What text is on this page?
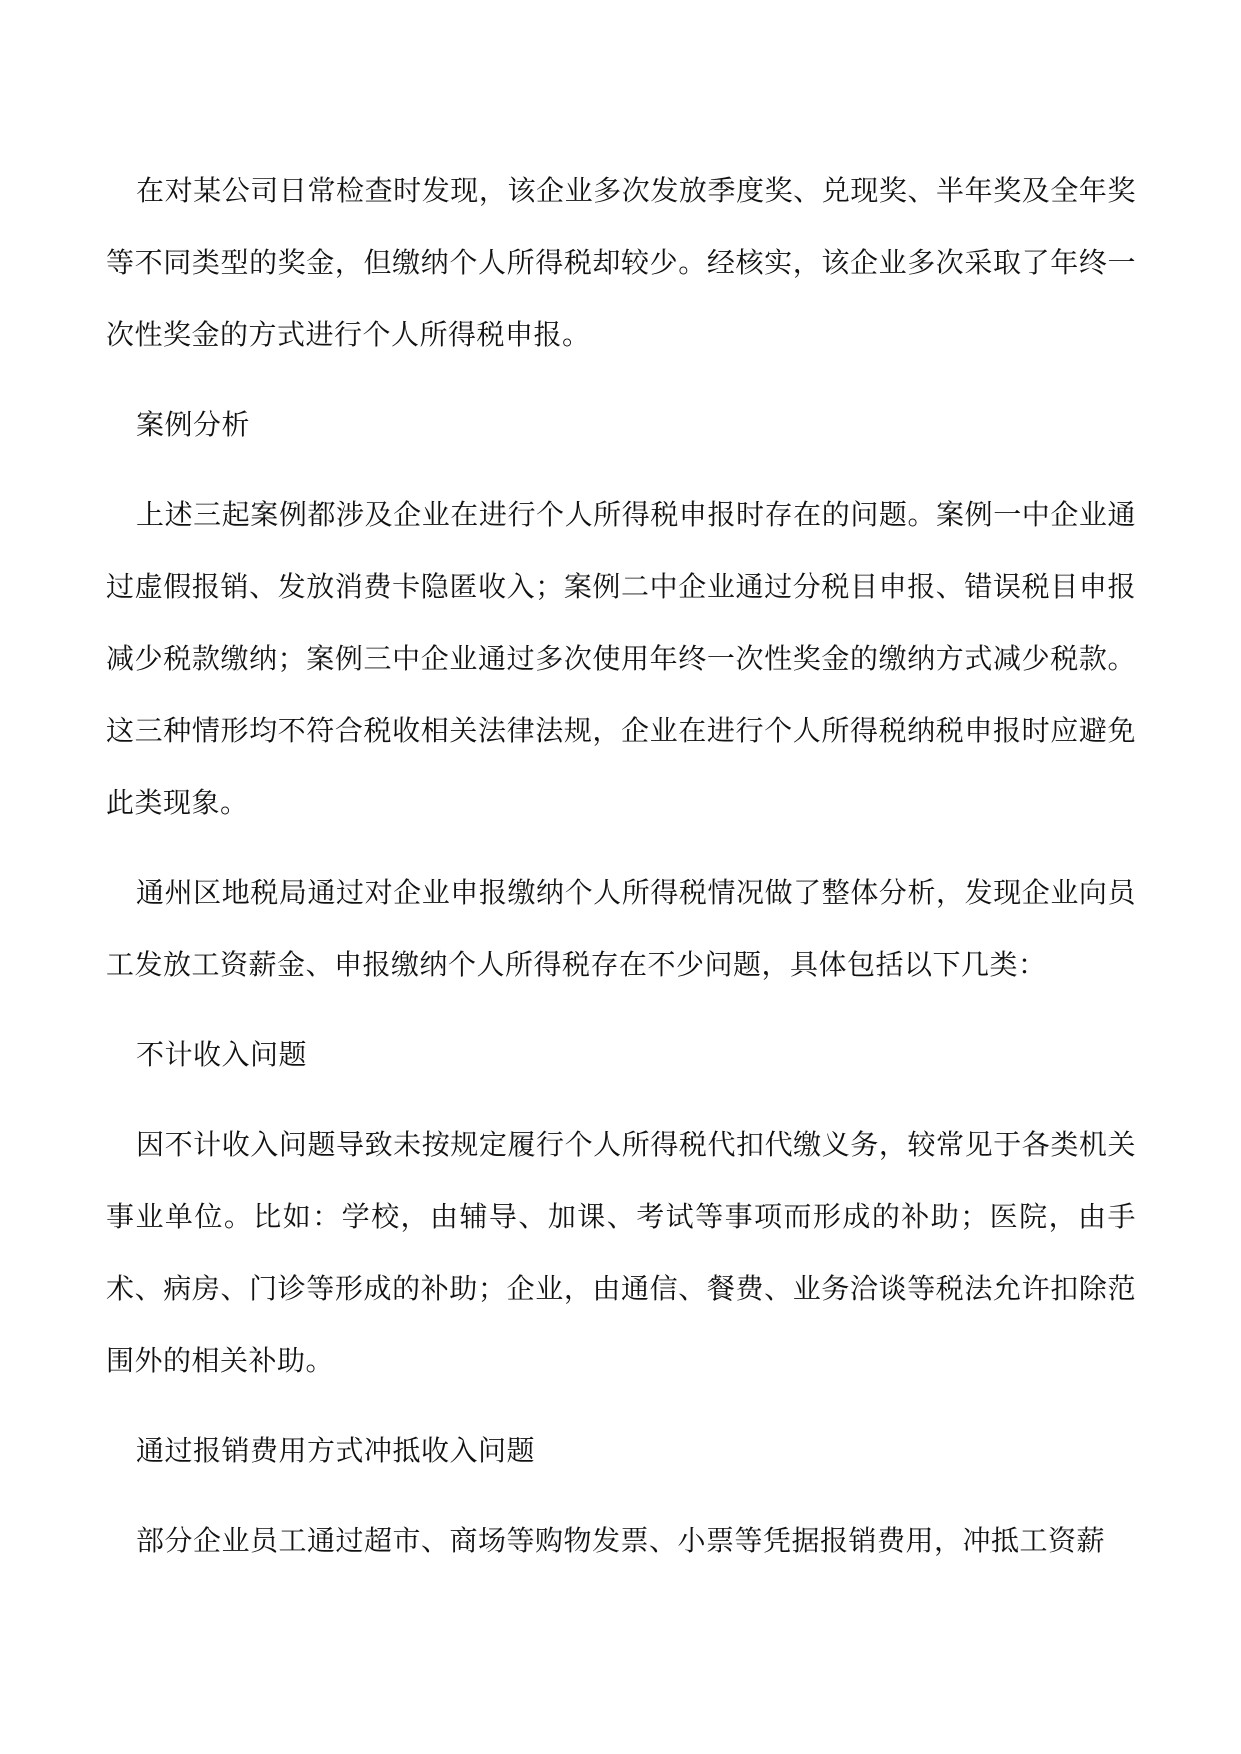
在对某公司日常检查时发现，该企业多次发放季度奖、兑现奖、半年奖及全年奖等不同类型的奖金，但缴纳个人所得税却较少。经核实，该企业多次采取了年终一次性奖金的方式进行个人所得税申报。

案例分析

上述三起案例都涉及企业在进行个人所得税申报时存在的问题。案例一中企业通过虚假报销、发放消费卡隐匿收入；案例二中企业通过分税目申报、错误税目申报减少税款缴纳；案例三中企业通过多次使用年终一次性奖金的缴纳方式减少税款。这三种情形均不符合税收相关法律法规，企业在进行个人所得税纳税申报时应避免此类现象。

通州区地税局通过对企业申报缴纳个人所得税情况做了整体分析，发现企业向员工发放工资薪金、申报缴纳个人所得税存在不少问题，具体包括以下几类：

不计收入问题

因不计收入问题导致未按规定履行个人所得税代扣代缴义务，较常见于各类机关事业单位。比如：学校，由辅导、加课、考试等事项而形成的补助；医院，由手术、病房、门诊等形成的补助；企业，由通信、餐费、业务洽谈等税法允许扣除范围外的相关补助。

通过报销费用方式冲抵收入问题

部分企业员工通过超市、商场等购物发票、小票等凭据报销费用，冲抵工资薪
